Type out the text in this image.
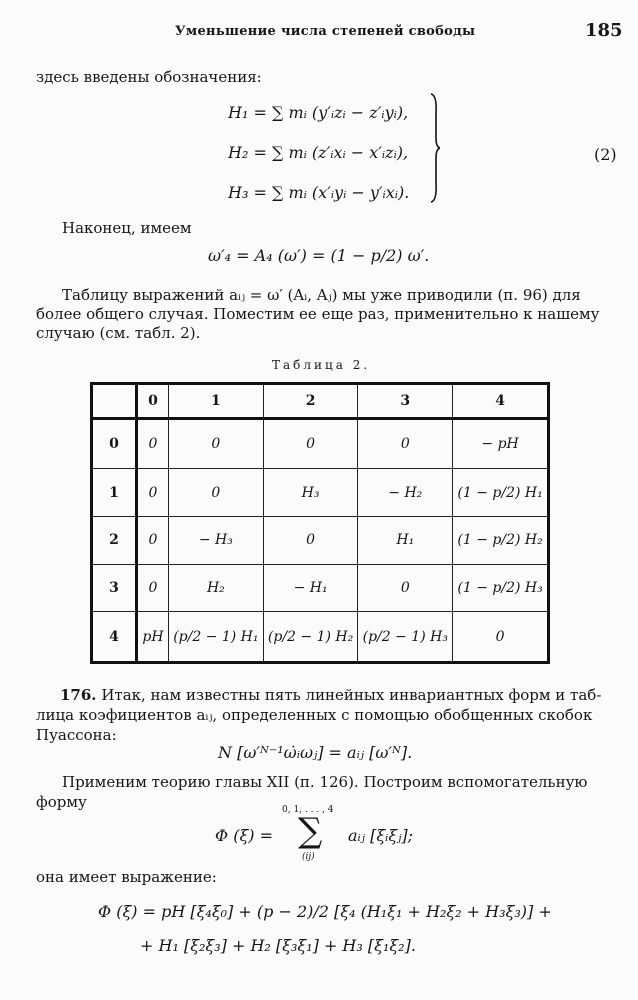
Уменьшение числа степеней свободы	185
здесь введены обозначения:
H₁ = ∑ mᵢ (y′ᵢzᵢ − z′ᵢyᵢ),
H₂ = ∑ mᵢ (z′ᵢxᵢ − x′ᵢzᵢ),
H₃ = ∑ mᵢ (x′ᵢyᵢ − y′ᵢxᵢ).
(2)
Наконец, имеем
ω′₄ = A₄ (ω′) = (1 − p/2) ω′.
Таблицу выражений aᵢⱼ = ω′ (Aᵢ, Aⱼ) мы уже приводили (п. 96) для
более общего случая. Поместим ее еще раз, применительно к нашему
случаю (см. табл. 2).
Таблица 2.
	0	1	2	3	4
0	0	0	0	0	− pH
1	0	0	H₃	− H₂	(1 − p/2) H₁
2	0	− H₃	0	H₁	(1 − p/2) H₂
3	0	H₂	− H₁	0	(1 − p/2) H₃
4	pH	(p/2 − 1) H₁	(p/2 − 1) H₂	(p/2 − 1) H₃	0
176. Итак, нам известны пять линейных инвариантных форм и таб-
лица коэфициентов aᵢⱼ, определенных с помощью обобщенных скобок
Пуассона:
N [ω′ᴺ⁻¹ω̇ᵢωⱼ] = aᵢⱼ [ω′ᴺ].
Применим теорию главы XII (п. 126). Построим вспомогательную
форму
Φ (ξ) =
0, 1, . . . , 4
∑
(ij)
aᵢⱼ [ξᵢξⱼ];
она имеет выражение:
Φ (ξ) = pH [ξ₄ξ₀] + (p − 2)/2 [ξ₄ (H₁ξ₁ + H₂ξ₂ + H₃ξ₃)] +
+ H₁ [ξ₂ξ₃] + H₂ [ξ₃ξ₁] + H₃ [ξ₁ξ₂].
